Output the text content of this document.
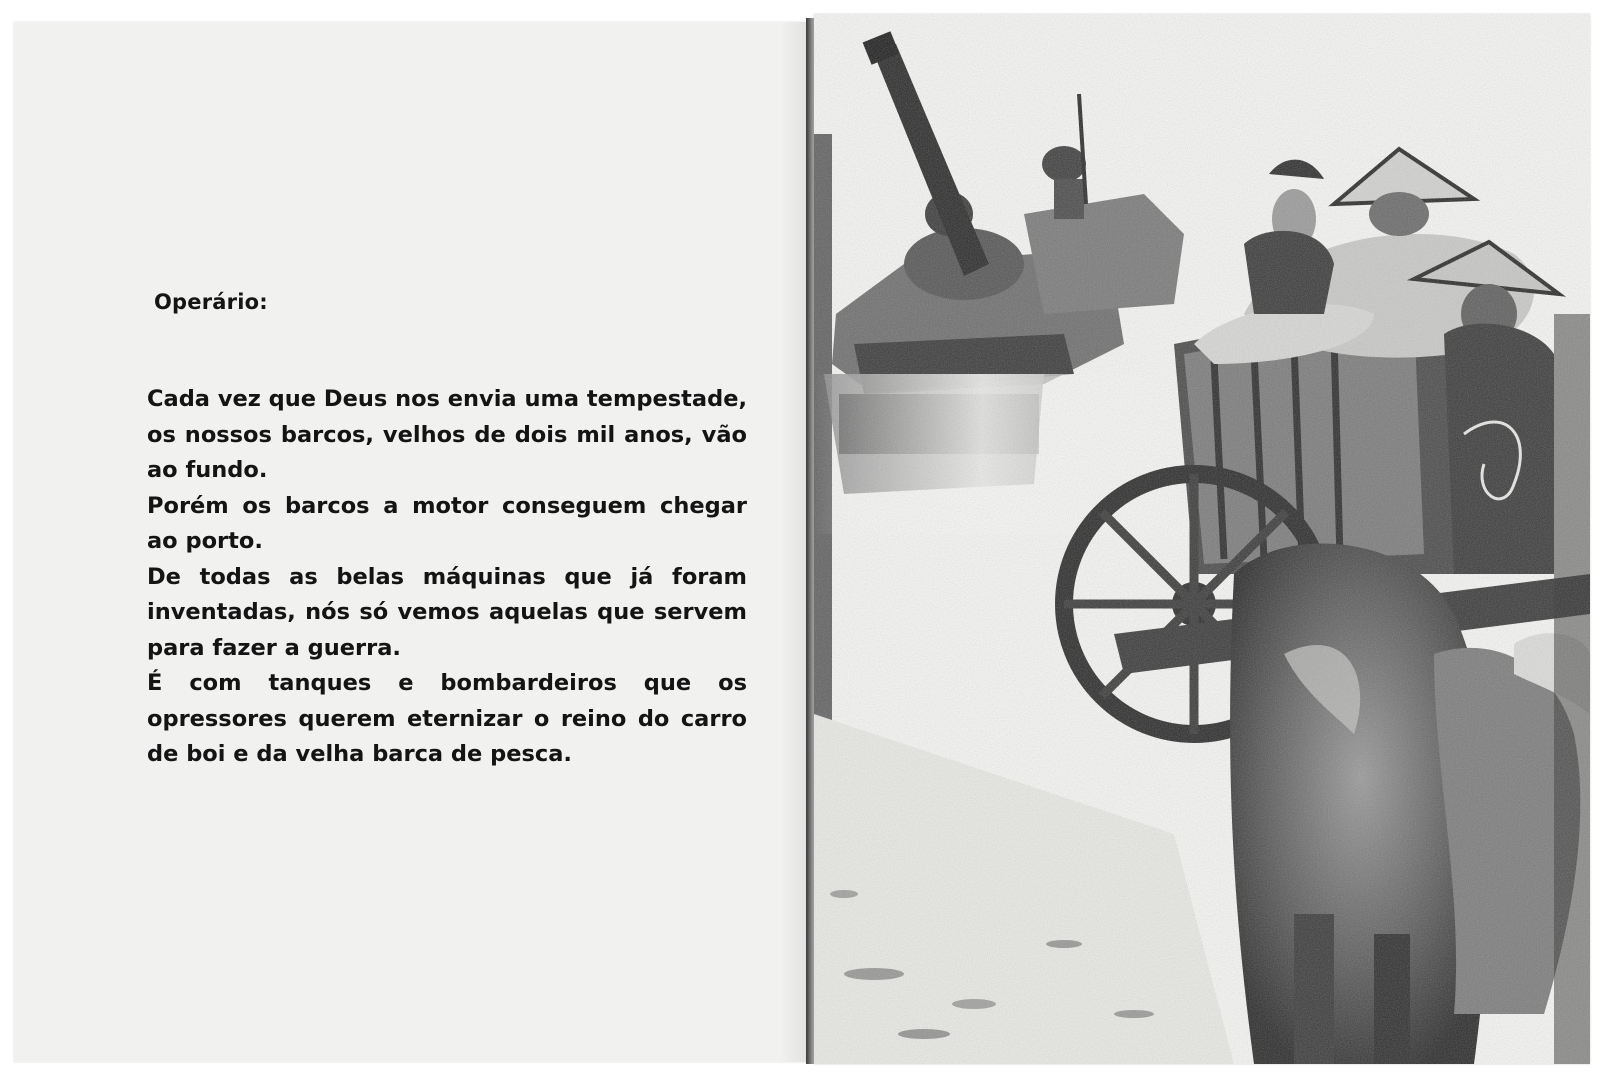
Operário:

Cada vez que Deus nos envia uma tempestade, os nossos barcos, velhos de dois mil anos, vão ao fundo.

Porém os barcos a motor conseguem chegar ao porto.

De todas as belas máquinas que já foram inventadas, nós só vemos aquelas que servem para fazer a guerra.

É com tanques e bombardeiros que os opressores querem eternizar o reino do carro de boi e da velha barca de pesca.
